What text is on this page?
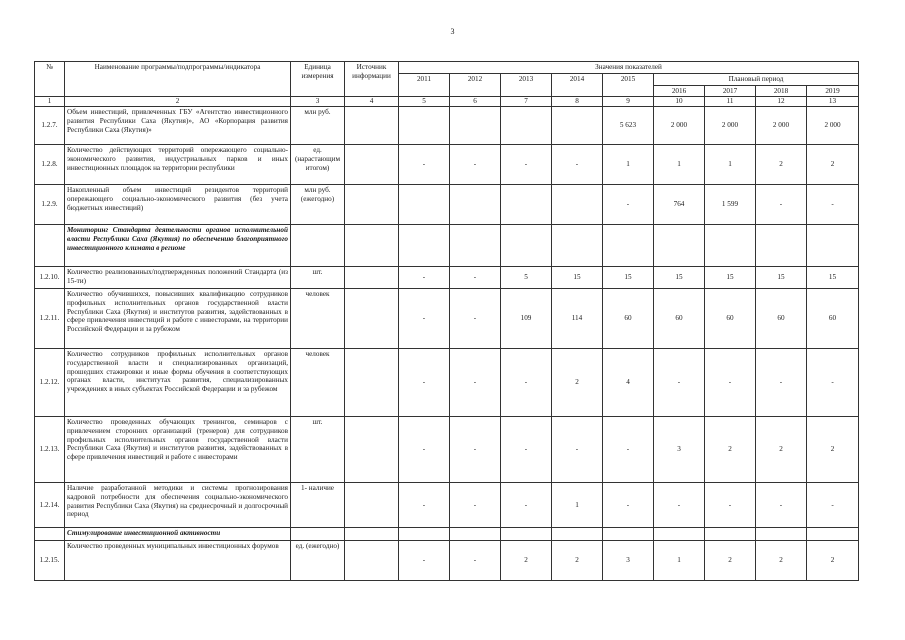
3
№	Наименование программы/подпрограммы/индикатора	Единица измерения	Источник информации	Значения показателей								
				2011	2012	2013	2014	2015	Плановый период			
									2016	2017	2018	2019
1	2	3	4	5	6	7	8	9	10	11	12	13
1.2.7.	Объем инвестиций, привлеченных ГБУ «Агентство инвестиционного развития Республики Саха (Якутия)», АО «Корпорация развития Республики Саха (Якутия)»	млн руб.						5 623	2 000	2 000	2 000	2 000
1.2.8.	Количество действующих территорий опережающего социально-экономического развития, индустриальных парков и иных инвестиционных площадок на территории республики	ед. (нарастающим итогом)		-	-	-	-	1	1	1	2	2
1.2.9.	Накопленный объем инвестиций резидентов территорий опережающего социально-экономического развития (без учета бюджетных инвестиций)	млн руб. (ежегодно)						-	764	1 599	-	-
	Мониторинг Стандарта деятельности органов исполнительной власти Республики Саха (Якутия) по обеспечению благоприятного инвестиционного климата в регионе											
1.2.10.	Количество реализованных/подтвержденных положений Стандарта (из 15-ти)	шт.		-	-	5	15	15	15	15	15	15
1.2.11.	Количество обучившихся, повысивших квалификацию сотрудников профильных исполнительных органов государственной власти Республики Саха (Якутия) и институтов развития, задействованных в сфере привлечения инвестиций и работе с инвесторами, на территории Российской Федерации и за рубежом	человек		-	-	109	114	60	60	60	60	60
1.2.12.	Количество сотрудников профильных исполнительных органов государственной власти и специализированных организаций, прошедших стажировки и иные формы обучения в соответствующих органах власти, институтах развития, специализированных учреждениях в иных субъектах Российской Федерации и за рубежом	человек		-	-	-	2	4	-	-	-	-
1.2.13.	Количество проведенных обучающих тренингов, семинаров с привлечением сторонних организаций (тренеров) для сотрудников профильных исполнительных органов государственной власти Республики Саха (Якутия) и институтов развития, задействованных в сфере привлечения инвестиций и работе с инвесторами	шт.		-	-	-	-	-	3	2	2	2
1.2.14.	Наличие разработанной методики и системы прогнозирования кадровой потребности для обеспечения социально-экономического развития Республики Саха (Якутия) на среднесрочный и долгосрочный период	1- наличие		-	-	-	1	-	-	-	-	-
	Стимулирование инвестиционной активности											
1.2.15.	Количество проведенных муниципальных инвестиционных форумов	ед. (ежегодно)		-	-	2	2	3	1	2	2	2
